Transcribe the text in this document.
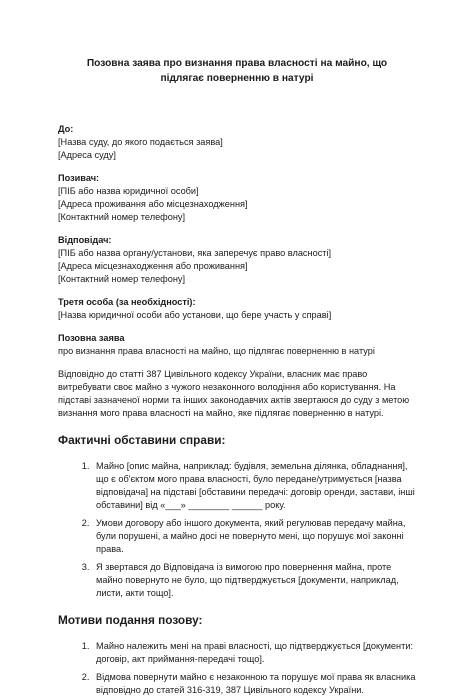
Позовна заява про визнання права власності на майно, що підлягає поверненню в натурі
До:
[Назва суду, до якого подається заява]
[Адреса суду]
Позивач:
[ПІБ або назва юридичної особи]
[Адреса проживання або місцезнаходження]
[Контактний номер телефону]
Відповідач:
[ПІБ або назва органу/установи, яка заперечує право власності]
[Адреса місцезнаходження або проживання]
[Контактний номер телефону]
Третя особа (за необхідності):
[Назва юридичної особи або установи, що бере участь у справі]
Позовна заява
про визнання права власності на майно, що підлягає поверненню в натурі

Відповідно до статті 387 Цивільного кодексу України, власник має право витребувати своє майно з чужого незаконного володіння або користування. На підставі зазначеної норми та інших законодавчих актів звертаюся до суду з метою визнання мого права власності на майно, яке підлягає поверненню в натурі.

Фактичні обставини справи:
1. Майно [опис майна, наприклад: будівля, земельна ділянка, обладнання], що є об'єктом мого права власності, було передане/утримується [назва відповідача] на підставі [обставини передачі: договір оренди, застави, інші обставини] від «___» ________ ______ року.
2. Умови договору або іншого документа, який регулював передачу майна, були порушені, а майно досі не повернуто мені, що порушує мої законні права.
3. Я звертався до Відповідача із вимогою про повернення майна, проте майно повернуто не було, що підтверджується [документи, наприклад, листи, акти тощо].
Мотиви подання позову:
1. Майно належить мені на праві власності, що підтверджується [документи: договір, акт приймання-передачі тощо].
2. Відмова повернути майно є незаконною та порушує мої права як власника відповідно до статей 316-319, 387 Цивільного кодексу України.
